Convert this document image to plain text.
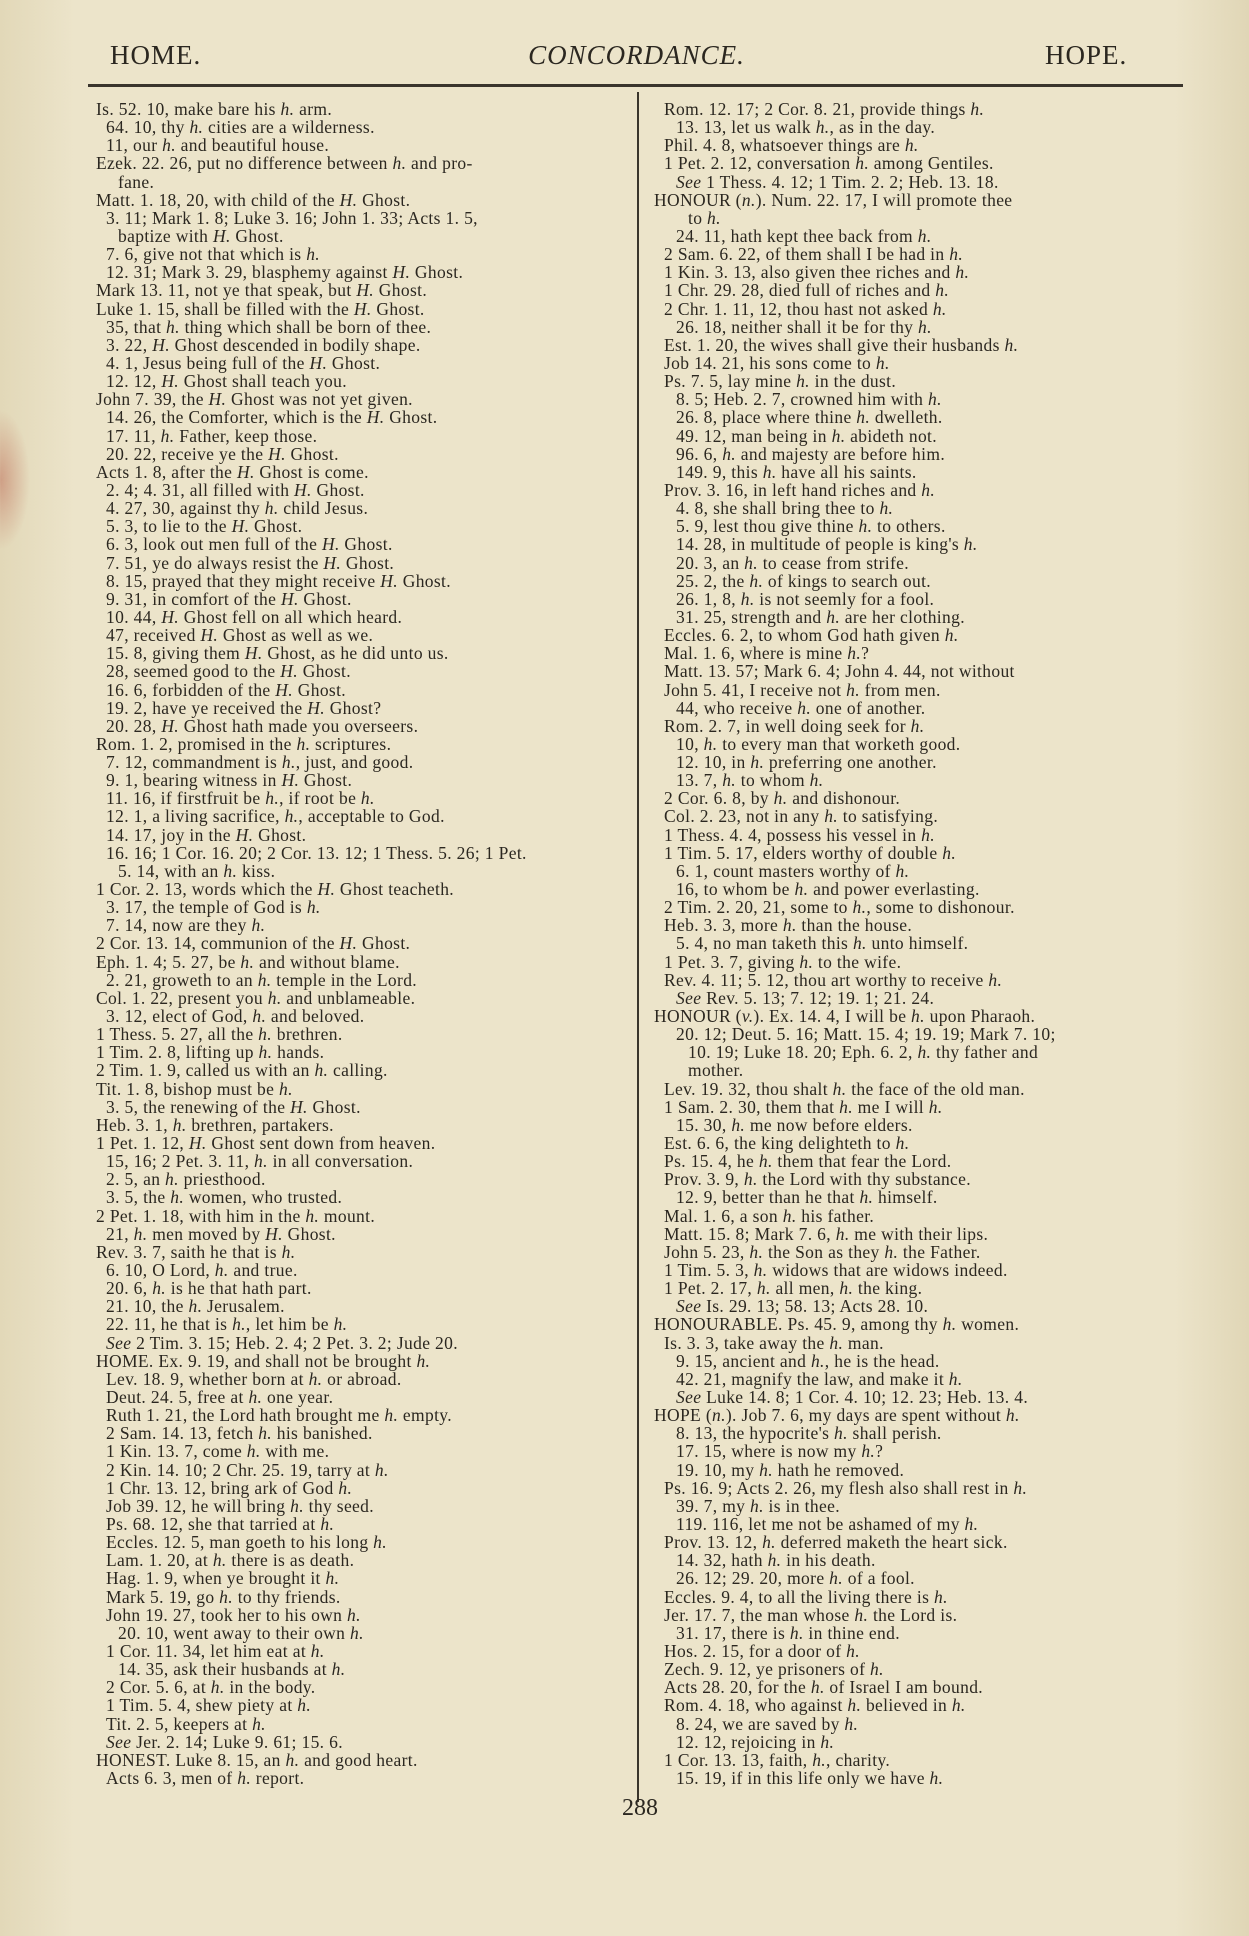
HOME.	CONCORDANCE.	HOPE.
Is. 52. 10, make bare his h. arm.
64. 10, thy h. cities are a wilderness.
11, our h. and beautiful house.
Ezek. 22. 26, put no difference between h. and pro-
fane.
Matt. 1. 18, 20, with child of the H. Ghost.
3. 11; Mark 1. 8; Luke 3. 16; John 1. 33; Acts 1. 5,
baptize with H. Ghost.
7. 6, give not that which is h.
12. 31; Mark 3. 29, blasphemy against H. Ghost.
Mark 13. 11, not ye that speak, but H. Ghost.
Luke 1. 15, shall be filled with the H. Ghost.
35, that h. thing which shall be born of thee.
3. 22, H. Ghost descended in bodily shape.
4. 1, Jesus being full of the H. Ghost.
12. 12, H. Ghost shall teach you.
John 7. 39, the H. Ghost was not yet given.
14. 26, the Comforter, which is the H. Ghost.
17. 11, h. Father, keep those.
20. 22, receive ye the H. Ghost.
Acts 1. 8, after the H. Ghost is come.
2. 4; 4. 31, all filled with H. Ghost.
4. 27, 30, against thy h. child Jesus.
5. 3, to lie to the H. Ghost.
6. 3, look out men full of the H. Ghost.
7. 51, ye do always resist the H. Ghost.
8. 15, prayed that they might receive H. Ghost.
9. 31, in comfort of the H. Ghost.
10. 44, H. Ghost fell on all which heard.
47, received H. Ghost as well as we.
15. 8, giving them H. Ghost, as he did unto us.
28, seemed good to the H. Ghost.
16. 6, forbidden of the H. Ghost.
19. 2, have ye received the H. Ghost?
20. 28, H. Ghost hath made you overseers.
Rom. 1. 2, promised in the h. scriptures.
7. 12, commandment is h., just, and good.
9. 1, bearing witness in H. Ghost.
11. 16, if firstfruit be h., if root be h.
12. 1, a living sacrifice, h., acceptable to God.
14. 17, joy in the H. Ghost.
16. 16; 1 Cor. 16. 20; 2 Cor. 13. 12; 1 Thess. 5. 26; 1 Pet.
5. 14, with an h. kiss.
1 Cor. 2. 13, words which the H. Ghost teacheth.
3. 17, the temple of God is h.
7. 14, now are they h.
2 Cor. 13. 14, communion of the H. Ghost.
Eph. 1. 4; 5. 27, be h. and without blame.
2. 21, groweth to an h. temple in the Lord.
Col. 1. 22, present you h. and unblameable.
3. 12, elect of God, h. and beloved.
1 Thess. 5. 27, all the h. brethren.
1 Tim. 2. 8, lifting up h. hands.
2 Tim. 1. 9, called us with an h. calling.
Tit. 1. 8, bishop must be h.
3. 5, the renewing of the H. Ghost.
Heb. 3. 1, h. brethren, partakers.
1 Pet. 1. 12, H. Ghost sent down from heaven.
15, 16; 2 Pet. 3. 11, h. in all conversation.
2. 5, an h. priesthood.
3. 5, the h. women, who trusted.
2 Pet. 1. 18, with him in the h. mount.
21, h. men moved by H. Ghost.
Rev. 3. 7, saith he that is h.
6. 10, O Lord, h. and true.
20. 6, h. is he that hath part.
21. 10, the h. Jerusalem.
22. 11, he that is h., let him be h.
See 2 Tim. 3. 15; Heb. 2. 4; 2 Pet. 3. 2; Jude 20.
HOME. Ex. 9. 19, and shall not be brought h.
Lev. 18. 9, whether born at h. or abroad.
Deut. 24. 5, free at h. one year.
Ruth 1. 21, the Lord hath brought me h. empty.
2 Sam. 14. 13, fetch h. his banished.
1 Kin. 13. 7, come h. with me.
2 Kin. 14. 10; 2 Chr. 25. 19, tarry at h.
1 Chr. 13. 12, bring ark of God h.
Job 39. 12, he will bring h. thy seed.
Ps. 68. 12, she that tarried at h.
Eccles. 12. 5, man goeth to his long h.
Lam. 1. 20, at h. there is as death.
Hag. 1. 9, when ye brought it h.
Mark 5. 19, go h. to thy friends.
John 19. 27, took her to his own h.
20. 10, went away to their own h.
1 Cor. 11. 34, let him eat at h.
14. 35, ask their husbands at h.
2 Cor. 5. 6, at h. in the body.
1 Tim. 5. 4, shew piety at h.
Tit. 2. 5, keepers at h.
See Jer. 2. 14; Luke 9. 61; 15. 6.
HONEST. Luke 8. 15, an h. and good heart.
Acts 6. 3, men of h. report.
Rom. 12. 17; 2 Cor. 8. 21, provide things h.
13. 13, let us walk h., as in the day.
Phil. 4. 8, whatsoever things are h.
1 Pet. 2. 12, conversation h. among Gentiles.
See 1 Thess. 4. 12; 1 Tim. 2. 2; Heb. 13. 18.
HONOUR (n.). Num. 22. 17, I will promote thee
to h.
24. 11, hath kept thee back from h.
2 Sam. 6. 22, of them shall I be had in h.
1 Kin. 3. 13, also given thee riches and h.
1 Chr. 29. 28, died full of riches and h.
2 Chr. 1. 11, 12, thou hast not asked h.
26. 18, neither shall it be for thy h.
Est. 1. 20, the wives shall give their husbands h.
Job 14. 21, his sons come to h.
Ps. 7. 5, lay mine h. in the dust.
8. 5; Heb. 2. 7, crowned him with h.
26. 8, place where thine h. dwelleth.
49. 12, man being in h. abideth not.
96. 6, h. and majesty are before him.
149. 9, this h. have all his saints.
Prov. 3. 16, in left hand riches and h.
4. 8, she shall bring thee to h.
5. 9, lest thou give thine h. to others.
14. 28, in multitude of people is king's h.
20. 3, an h. to cease from strife.
25. 2, the h. of kings to search out.
26. 1, 8, h. is not seemly for a fool.
31. 25, strength and h. are her clothing.
Eccles. 6. 2, to whom God hath given h.
Mal. 1. 6, where is mine h.?
Matt. 13. 57; Mark 6. 4; John 4. 44, not without
John 5. 41, I receive not h. from men.
44, who receive h. one of another.
Rom. 2. 7, in well doing seek for h.
10, h. to every man that worketh good.
12. 10, in h. preferring one another.
13. 7, h. to whom h.
2 Cor. 6. 8, by h. and dishonour.
Col. 2. 23, not in any h. to satisfying.
1 Thess. 4. 4, possess his vessel in h.
1 Tim. 5. 17, elders worthy of double h.
6. 1, count masters worthy of h.
16, to whom be h. and power everlasting.
2 Tim. 2. 20, 21, some to h., some to dishonour.
Heb. 3. 3, more h. than the house.
5. 4, no man taketh this h. unto himself.
1 Pet. 3. 7, giving h. to the wife.
Rev. 4. 11; 5. 12, thou art worthy to receive h.
See Rev. 5. 13; 7. 12; 19. 1; 21. 24.
HONOUR (v.). Ex. 14. 4, I will be h. upon Pharaoh.
20. 12; Deut. 5. 16; Matt. 15. 4; 19. 19; Mark 7. 10;
10. 19; Luke 18. 20; Eph. 6. 2, h. thy father and
mother.
Lev. 19. 32, thou shalt h. the face of the old man.
1 Sam. 2. 30, them that h. me I will h.
15. 30, h. me now before elders.
Est. 6. 6, the king delighteth to h.
Ps. 15. 4, he h. them that fear the Lord.
Prov. 3. 9, h. the Lord with thy substance.
12. 9, better than he that h. himself.
Mal. 1. 6, a son h. his father.
Matt. 15. 8; Mark 7. 6, h. me with their lips.
John 5. 23, h. the Son as they h. the Father.
1 Tim. 5. 3, h. widows that are widows indeed.
1 Pet. 2. 17, h. all men, h. the king.
See Is. 29. 13; 58. 13; Acts 28. 10.
HONOURABLE. Ps. 45. 9, among thy h. women.
Is. 3. 3, take away the h. man.
9. 15, ancient and h., he is the head.
42. 21, magnify the law, and make it h.
See Luke 14. 8; 1 Cor. 4. 10; 12. 23; Heb. 13. 4.
HOPE (n.). Job 7. 6, my days are spent without h.
8. 13, the hypocrite's h. shall perish.
17. 15, where is now my h.?
19. 10, my h. hath he removed.
Ps. 16. 9; Acts 2. 26, my flesh also shall rest in h.
39. 7, my h. is in thee.
119. 116, let me not be ashamed of my h.
Prov. 13. 12, h. deferred maketh the heart sick.
14. 32, hath h. in his death.
26. 12; 29. 20, more h. of a fool.
Eccles. 9. 4, to all the living there is h.
Jer. 17. 7, the man whose h. the Lord is.
31. 17, there is h. in thine end.
Hos. 2. 15, for a door of h.
Zech. 9. 12, ye prisoners of h.
Acts 28. 20, for the h. of Israel I am bound.
Rom. 4. 18, who against h. believed in h.
8. 24, we are saved by h.
12. 12, rejoicing in h.
1 Cor. 13. 13, faith, h., charity.
15. 19, if in this life only we have h.
288
